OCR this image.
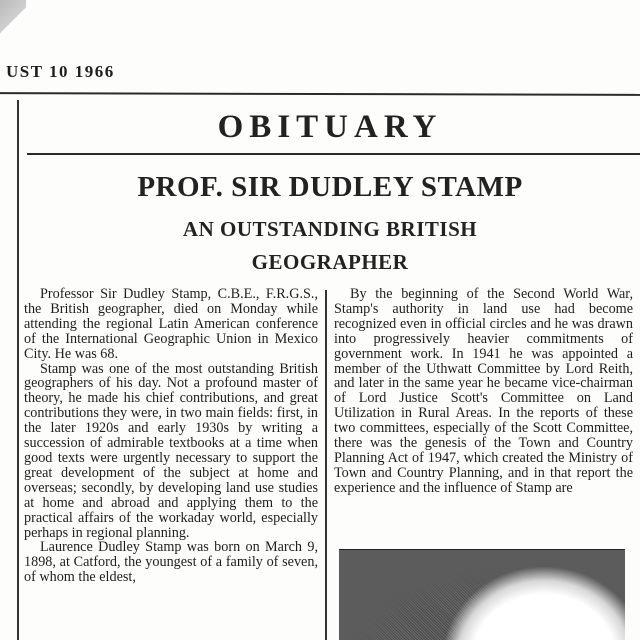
UST 10 1966
OBITUARY
PROF. SIR DUDLEY STAMP
AN OUTSTANDING BRITISH
GEOGRAPHER

Professor Sir Dudley Stamp, C.B.E., F.R.G.S., the British geographer, died on Monday while attending the regional Latin American conference of the International Geographic Union in Mexico City. He was 68.

Stamp was one of the most outstanding British geographers of his day. Not a profound master of theory, he made his chief contributions, and great contributions they were, in two main fields: first, in the later 1920s and early 1930s by writing a succession of admirable textbooks at a time when good texts were urgently necessary to support the great development of the subject at home and overseas; secondly, by developing land use studies at home and abroad and applying them to the practical affairs of the workaday world, especially perhaps in regional planning.

Laurence Dudley Stamp was born on March 9, 1898, at Catford, the youngest of a family of seven, of whom the eldest,

By the beginning of the Second World War, Stamp's authority in land use had become recognized even in official circles and he was drawn into progressively heavier commitments of government work. In 1941 he was appointed a member of the Uthwatt Committee by Lord Reith, and later in the same year he became vice-chairman of Lord Justice Scott's Committee on Land Utilization in Rural Areas. In the reports of these two committees, especially of the Scott Committee, there was the genesis of the Town and Country Planning Act of 1947, which created the Ministry of Town and Country Planning, and in that report the experience and the influence of Stamp are
